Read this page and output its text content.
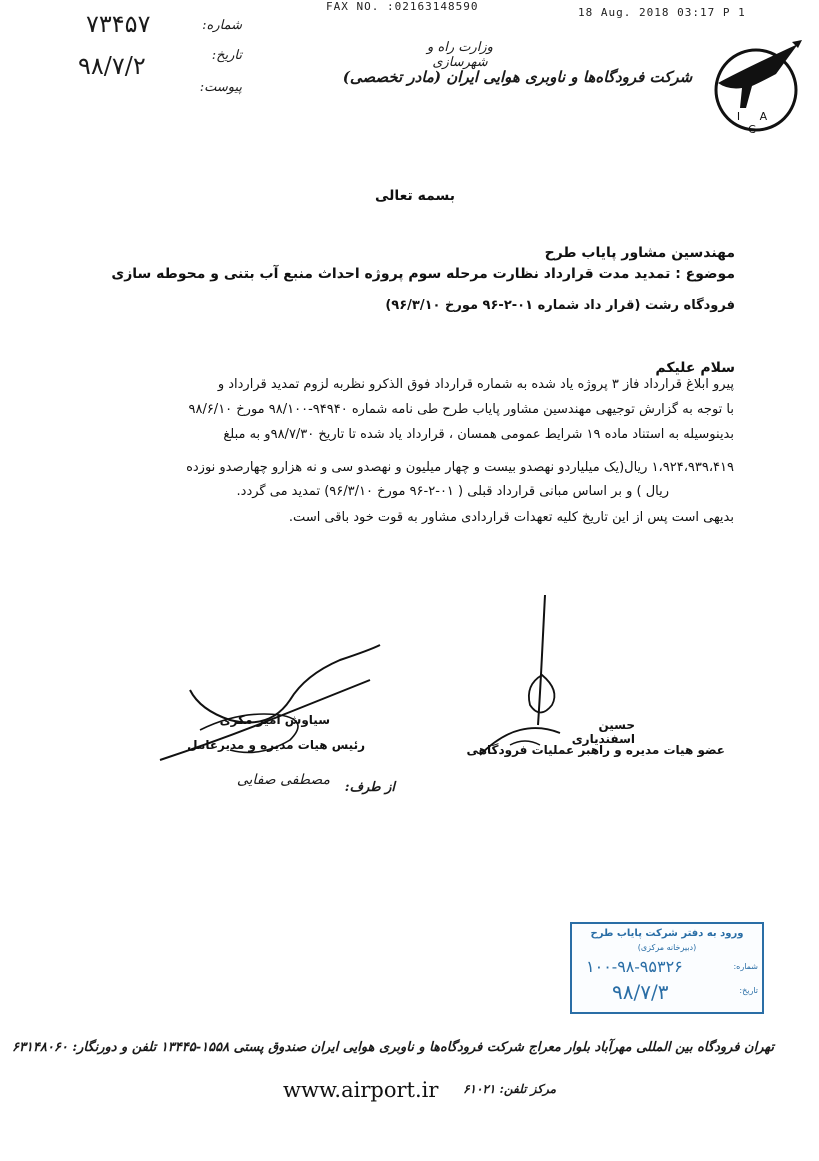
FAX NO. :02163148590	18 Aug. 2018 03:17 P 1
شماره:
۷۳۴۵۷
تاریخ:
۹۸/۷/۲
پیوست:
وزارت راه و شهرسازی
شرکت فرودگاه‌ها و ناوبری هوایی ایران (مادر تخصصی)
I A C
بسمه تعالی
مهندسین مشاور پایاب طرح
موضوع : تمدید مدت قرارداد نظارت مرحله سوم پروژه احداث منبع آب بتنی و محوطه سازی
فرودگاه رشت (قرار داد شماره ۰۱-۲-۹۶ مورخ ۹۶/۳/۱۰)
سلام علیکم
پیرو ابلاغ قرارداد فاز ۳ پروژه یاد شده به شماره قرارداد فوق الذکرو نظربه لزوم تمدید قرارداد و
با توجه به گزارش توجیهی مهندسین مشاور پایاب طرح طی نامه شماره ۹۴۹۴۰-۹۸/۱۰۰ مورخ ۹۸/۶/۱۰
بدینوسیله به استناد ماده ۱۹ شرایط عمومی همسان ، قرارداد یاد شده تا تاریخ ۹۸/۷/۳۰و به مبلغ
۱،۹۲۴،۹۳۹،۴۱۹ ریال(یک میلیاردو نهصدو بیست و چهار میلیون و نهصدو سی و نه هزارو چهارصدو نوزده
ریال ) و بر اساس مبانی قرارداد قبلی ( ۰۱-۲-۹۶ مورخ ۹۶/۳/۱۰) تمدید می گردد.
بدیهی است پس از این تاریخ کلیه تعهدات قراردادی مشاور به قوت خود باقی است.
حسین اسفندیاری
عضو هیات مدیره و راهبر عملیات فرودگاهی
سیاوش امیر مکری
رئیس هیات مدیره و مدیرعامل
از طرف:
مصطفی صفایی
ورود به دفتر شرکت پایاب طرح
(دبیرخانه مرکزی)
شماره:
۱۰۰-۹۸-۹۵۳۲۶
تاریخ:
۹۸/۷/۳
تهران فرودگاه بین المللی مهرآباد بلوار معراج شرکت فرودگاه‌ها و ناوبری هوایی ایران صندوق پستی ۱۵۵۸-۱۳۴۴۵ تلفن و دورنگار: ۶۳۱۴۸۰۶۰
مرکز تلفن: ۶۱۰۲۱
www.airport.ir
